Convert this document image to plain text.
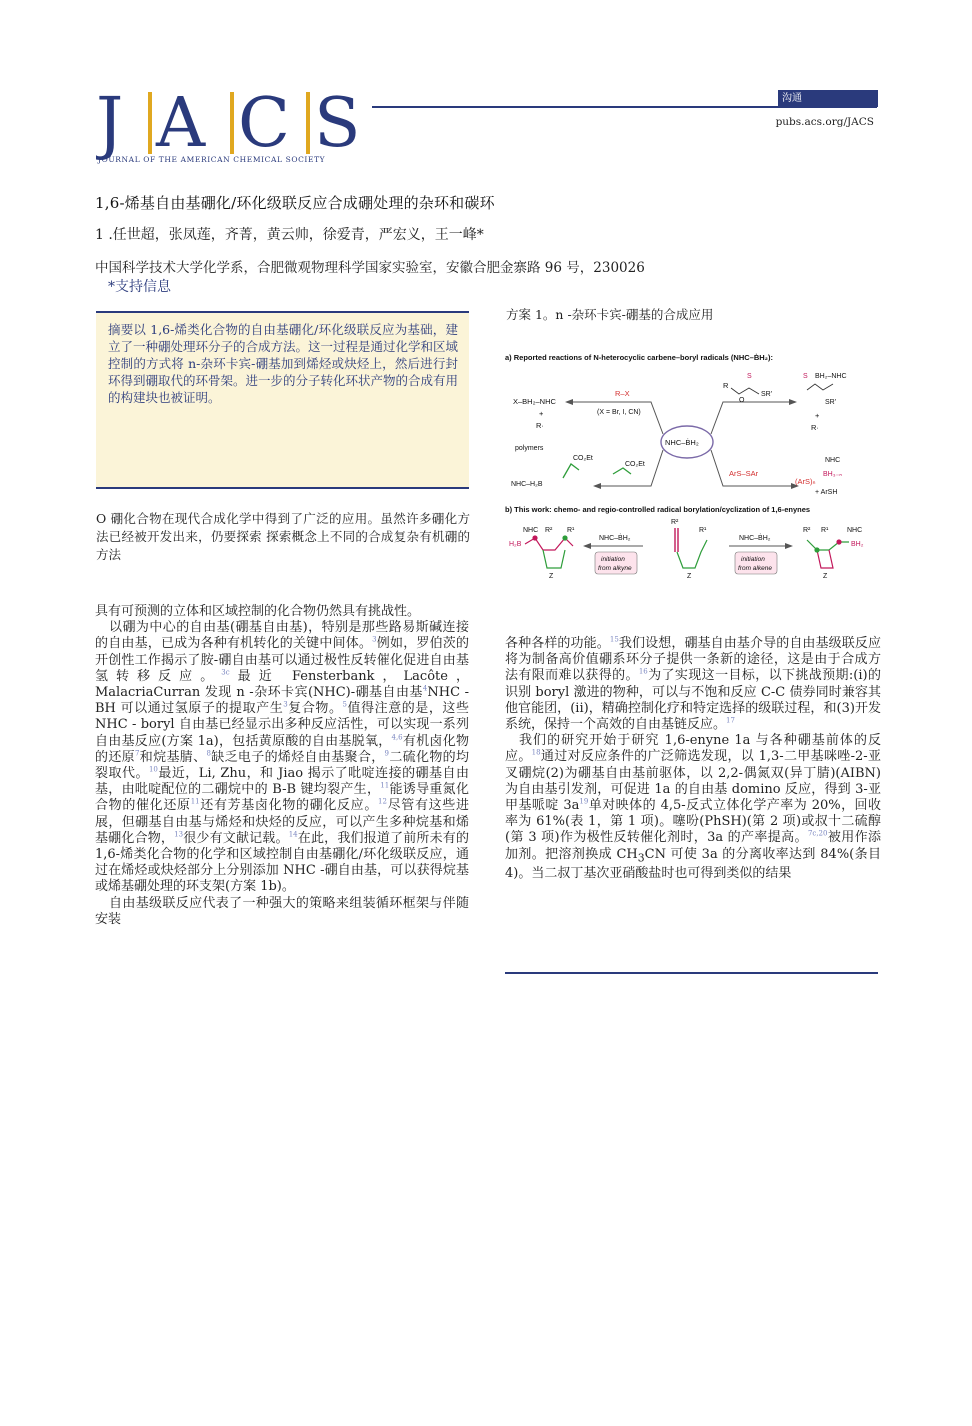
J A C S
JOURNAL OF THE AMERICAN CHEMICAL SOCIETY
沟通
pubs.acs.org/JACS
1,6-烯基自由基硼化/环化级联反应合成硼处理的杂环和碳环
1 .任世超，张凤莲，齐菁，黄云帅，徐爱青，严宏义，王一峰*
中国科学技术大学化学系，合肥微观物理科学国家实验室，安徽合肥金寨路 96 号，230026
*支持信息
摘要以 1,6-烯类化合物的自由基硼化/环化级联反应为基础，建立了一种硼处理环分子的合成方法。这一过程是通过化学和区域控制的方式将 n-杂环卡宾-硼基加到烯烃或炔烃上，然后进行封环得到硼取代的环骨架。进一步的分子转化环状产物的合成有用的构建块也被证明。
O 硼化合物在现代合成化学中得到了广泛的应用。虽然许多硼化方法已经被开发出来，仍要探索 探索概念上不同的合成复杂有机硼的方法

具有可预测的立体和区域控制的化合物仍然具有挑战性。

以硼为中心的自由基(硼基自由基)，特别是那些路易斯碱连接的自由基，已成为各种有机转化的关键中间体。$^3$例如，罗伯茨的开创性工作揭示了胺-硼自由基可以通过极性反转催化促进自由基氢转移反应。$^{3c}$最近 Fensterbank，Lacôte，MalacriaCurran 发现 n -杂环卡宾(NHC)-硼基自由基$^4$NHC - BH 可以通过氢原子的提取产生$^3$复合物。$^5$值得注意的是，这些 NHC - boryl 自由基已经显示出多种反应活性，可以实现一系列自由基反应(方案 1a)，包括黄原酸的自由基脱氧，$^{4,6}$有机卤化物的还原$^7$和烷基腈、$^8$缺乏电子的烯烃自由基聚合，$^9$二硫化物的均裂取代。$^{10}$最近，Li, Zhu，和 Jiao 揭示了吡啶连接的硼基自由基，由吡啶配位的二硼烷中的 B-B 键均裂产生，$^{11}$能诱导重氮化合物的催化还原$^{11}$还有芳基卤化物的硼化反应。$^{12}$尽管有这些进展，但硼基自由基与烯烃和炔烃的反应，可以产生多种烷基和烯基硼化合物，$^{13}$很少有文献记载。$^{14}$在此，我们报道了前所未有的 1,6-烯类化合物的化学和区域控制自由基硼化/环化级联反应，通过在烯烃或炔烃部分上分别添加 NHC -硼自由基，可以获得烷基或烯基硼处理的环支架(方案 1b)。

自由基级联反应代表了一种强大的策略来组装循环框架与伴随安装

各种各样的功能。$^{15}$我们设想，硼基自由基介导的自由基级联反应将为制备高价值硼系环分子提供一条新的途径，这是由于合成方法有限而难以获得的。$^{16}$为了实现这一目标，以下挑战预期:(i)的识别 boryl 激进的物种，可以与不饱和反应 C-C 债券同时兼容其他官能团，(ii)，精确控制化疗和特定选择的级联过程，和(3)开发系统，保持一个高效的自由基链反应。$^{17}$

我们的研究开始于研究 1,6-enyne 1a 与各种硼基前体的反应。$^{18}$通过对反应条件的广泛筛选发现，以 1,3-二甲基咪唑-2-亚叉硼烷(2)为硼基自由基前驱体，以 2,2-偶氮双(异丁腈)(AIBN)为自由基引发剂，可促进 1a 的自由基 domino 反应，得到 3-亚甲基哌啶 3a$^{19}$单对映体的 4,5-反式立体化学产率为 20%，回收率为 61%(表 1，第 1 项)。噻吩(PhSH)(第 2 项)或叔十二硫醇(第 3 项)作为极性反转催化剂时，3a 的产率提高。$^{7c,20}$被用作添加剂。把溶剂换成 $CH_3CN$ 可使 3a 的分离收率达到 84%(条目 4)。当二叔丁基次亚硝酸盐时也可得到类似的结果

方案 1。n -杂环卡宾-硼基的合成应用
a) Reported reactions of N-heterocyclic carbene–boryl radicals (NHC–ḂH₂):
NHC–ḂH₂
R–X
(X = Br, I, CN)
X–BH₂–NHC
+
R·
R
O
SR'
S	BH₂–NHC
S
SR'
+
R·
polymers
CO₂Et
CO₂Et
NHC–H₂B
ArS–SAr
NHC
(ArS)ₙ
BH₃₋ₙ
+ ArSH
b) This work: chemo- and regio-controlled radical borylation/cyclization of 1,6-enynes
NHC R² R¹
H₂B
Z
NHC–ḂH₂
initiation
from alkyne
R²
R¹
Z
NHC–ḂH₂
initiation
from alkene
R² R¹	NHC
BH₂
Z
